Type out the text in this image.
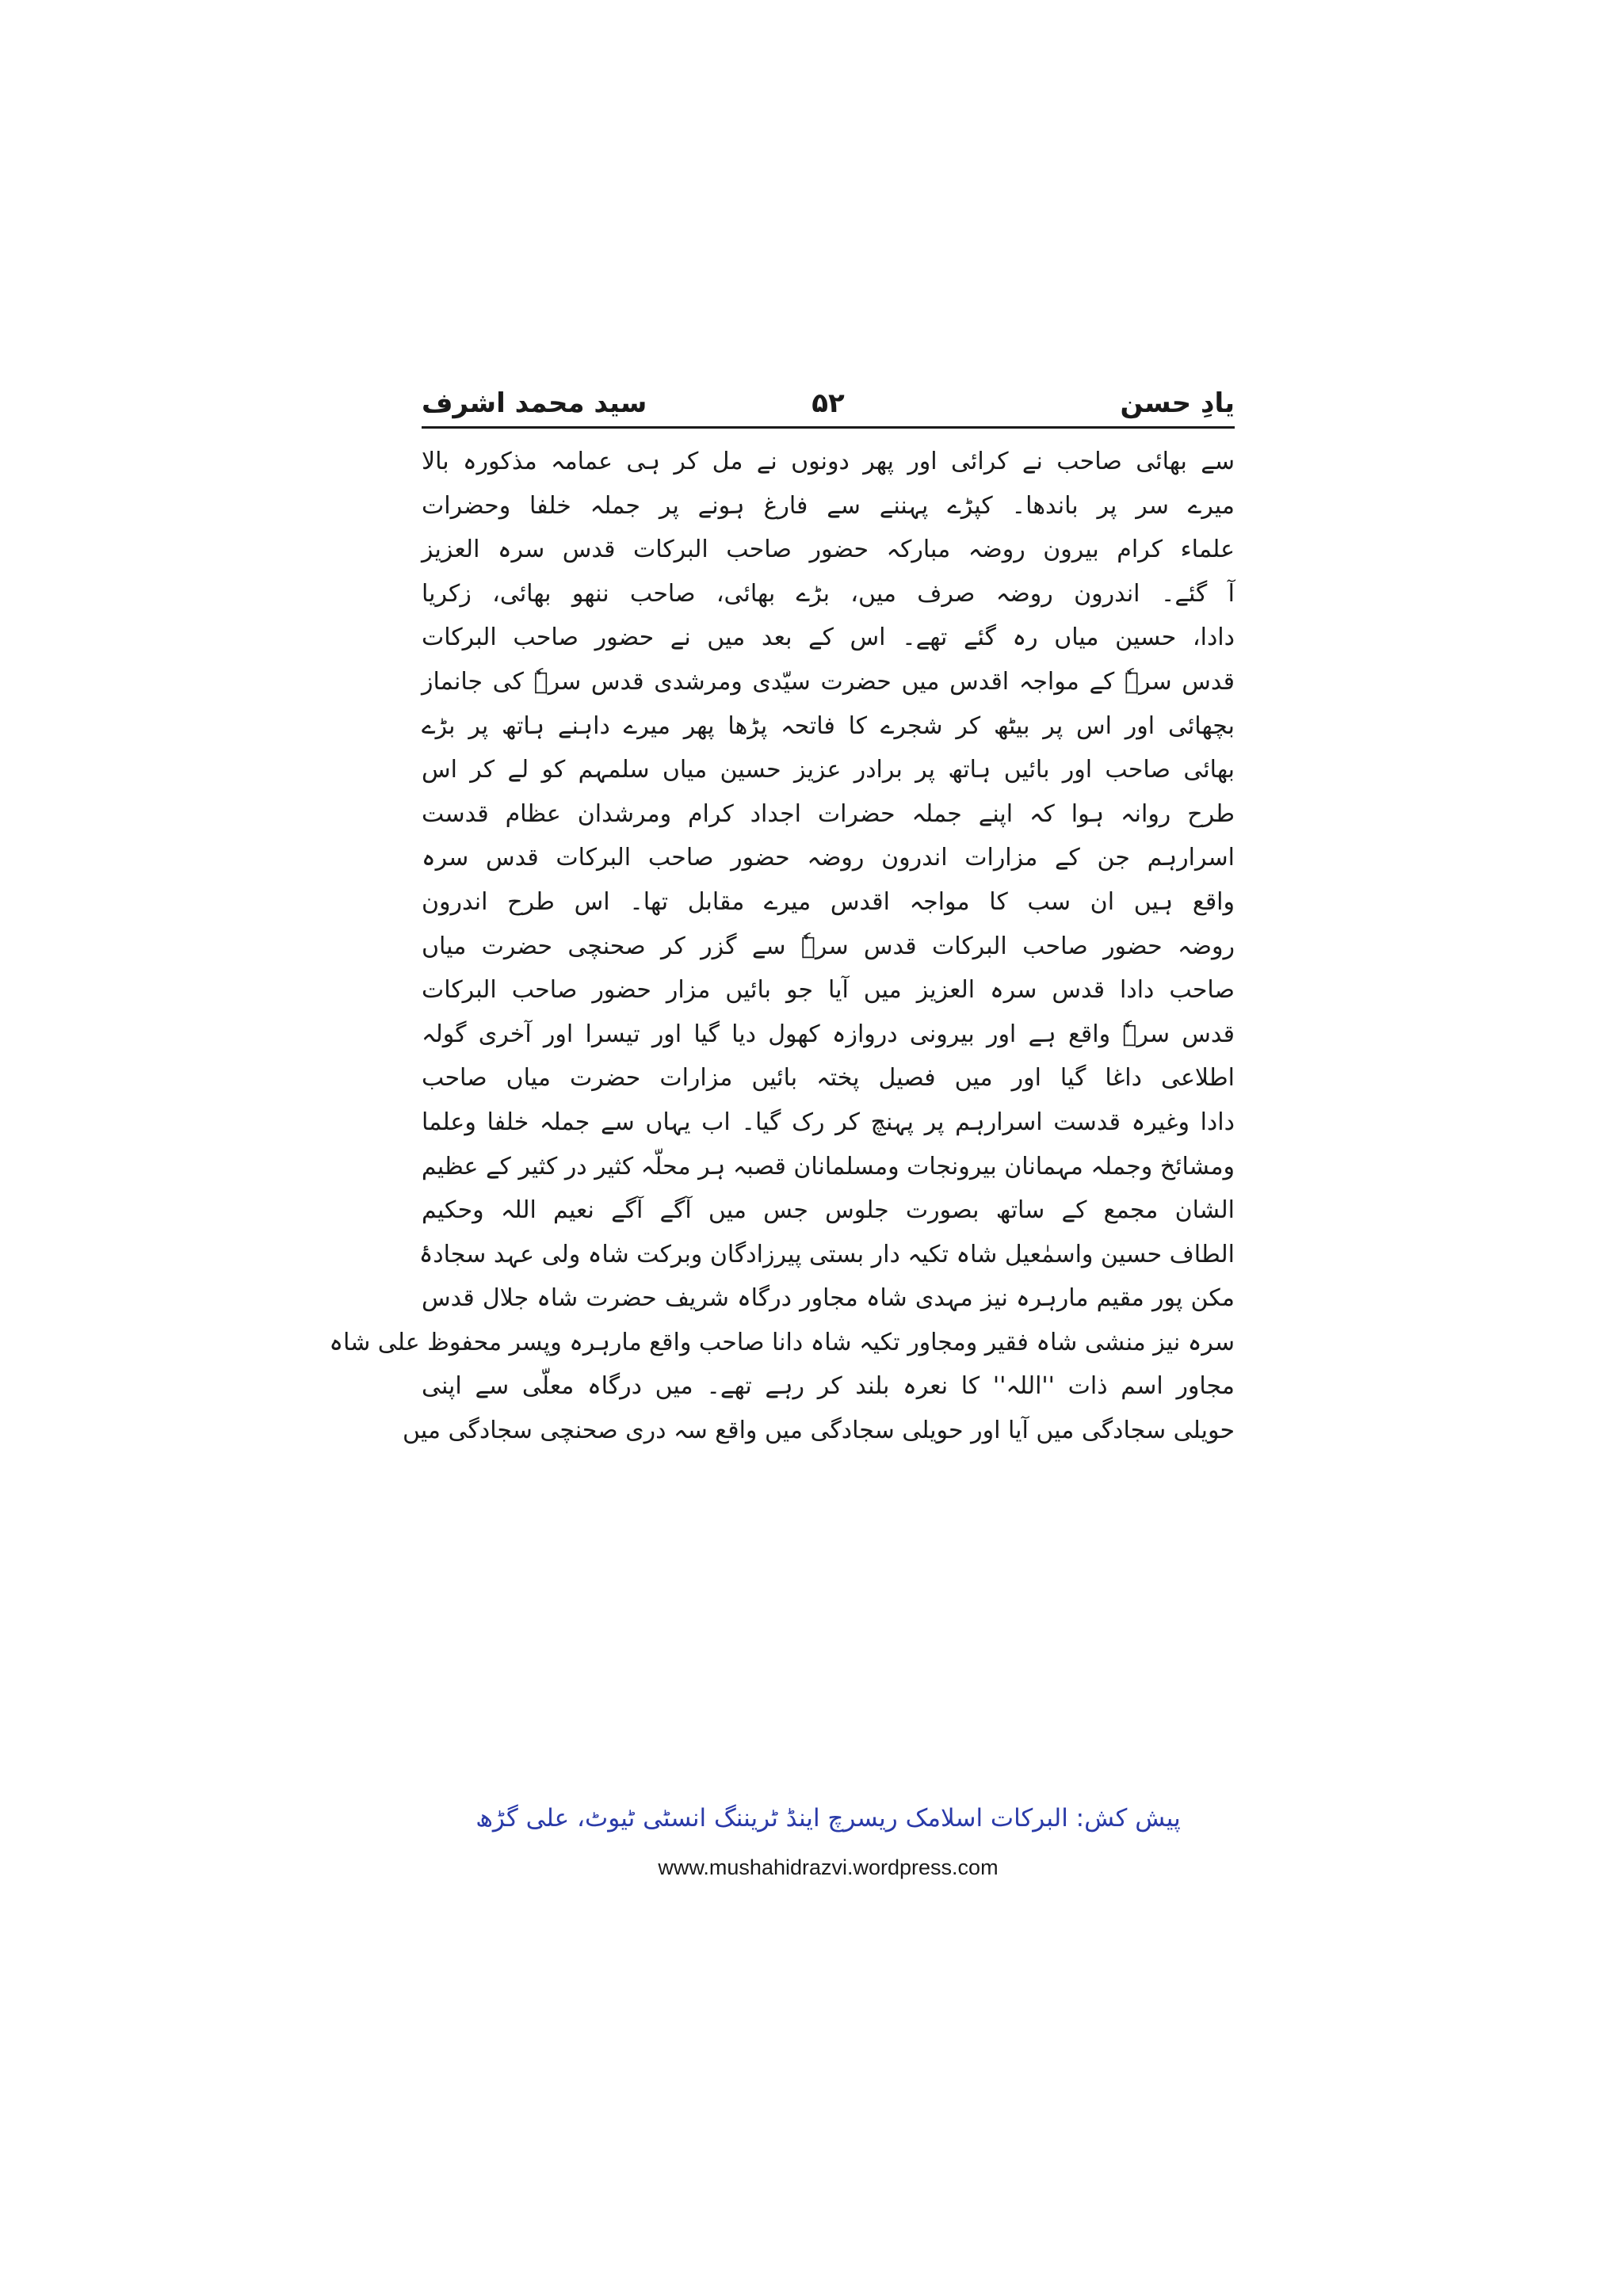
یادِ حسن
۵۲
سید محمد اشرف
سے بھائی صاحب نے کرائی اور پھر دونوں نے مل کر ہی عمامہ مذکورہ بالا
میرے سر پر باندھا۔ کپڑے پہننے سے فارغ ہونے پر جملہ خلفا وحضرات
علماء کرام بیرون روضہ مبارکہ حضور صاحب البرکات قدس سرہ العزیز
آ گئے۔ اندرون روضہ صرف میں، بڑے بھائی، صاحب ننھو بھائی، زکریا
دادا، حسین میاں رہ گئے تھے۔ اس کے بعد میں نے حضور صاحب البرکات
قدس سرہٗ کے مواجہ اقدس میں حضرت سیّدی ومرشدی قدس سرہٗ کی جانماز
بچھائی اور اس پر بیٹھ کر شجرے کا فاتحہ پڑھا پھر میرے داہنے ہاتھ پر بڑے
بھائی صاحب اور بائیں ہاتھ پر برادر عزیز حسین میاں سلمہم کو لے کر اس
طرح روانہ ہوا کہ اپنے جملہ حضرات اجداد کرام ومرشدان عظام قدست
اسرارہم جن کے مزارات اندرون روضہ حضور صاحب البرکات قدس سرہ
واقع ہیں ان سب کا مواجہ اقدس میرے مقابل تھا۔ اس طرح اندرون
روضہ حضور صاحب البرکات قدس سرہٗ سے گزر کر صحنچی حضرت میاں
صاحب دادا قدس سرہ العزیز میں آیا جو بائیں مزار حضور صاحب البرکات
قدس سرہٗ واقع ہے اور بیرونی دروازہ کھول دیا گیا اور تیسرا اور آخری گولہ
اطلاعی داغا گیا اور میں فصیل پختہ بائیں مزارات حضرت میاں صاحب
دادا وغیرہ قدست اسرارہم پر پہنچ کر رک گیا۔ اب یہاں سے جملہ خلفا وعلما
ومشائخ وجملہ مہمانان بیرونجات ومسلمانان قصبہ ہر محلّہ کثیر در کثیر کے عظیم
الشان مجمع کے ساتھ بصورت جلوس جس میں آگے آگے نعیم اللہ وحکیم
الطاف حسین واسمٰعیل شاہ تکیہ دار بستی پیرزادگان وبرکت شاہ ولی عہد سجادۂ
مکن پور مقیم مارہرہ نیز مہدی شاہ مجاور درگاہ شریف حضرت شاہ جلال قدس
سرہ نیز منشی شاہ فقیر ومجاور تکیہ شاہ دانا صاحب واقع مارہرہ وپسر محفوظ علی شاہ
مجاور اسم ذات ''اللہ'' کا نعرہ بلند کر رہے تھے۔ میں درگاہ معلّی سے اپنی
حویلی سجادگی میں آیا اور حویلی سجادگی میں واقع سہ دری صحنچی سجادگی میں
پیش کش: البرکات اسلامک ریسرچ اینڈ ٹریننگ انسٹی ٹیوٹ، علی گڑھ
www.mushahidrazvi.wordpress.com
